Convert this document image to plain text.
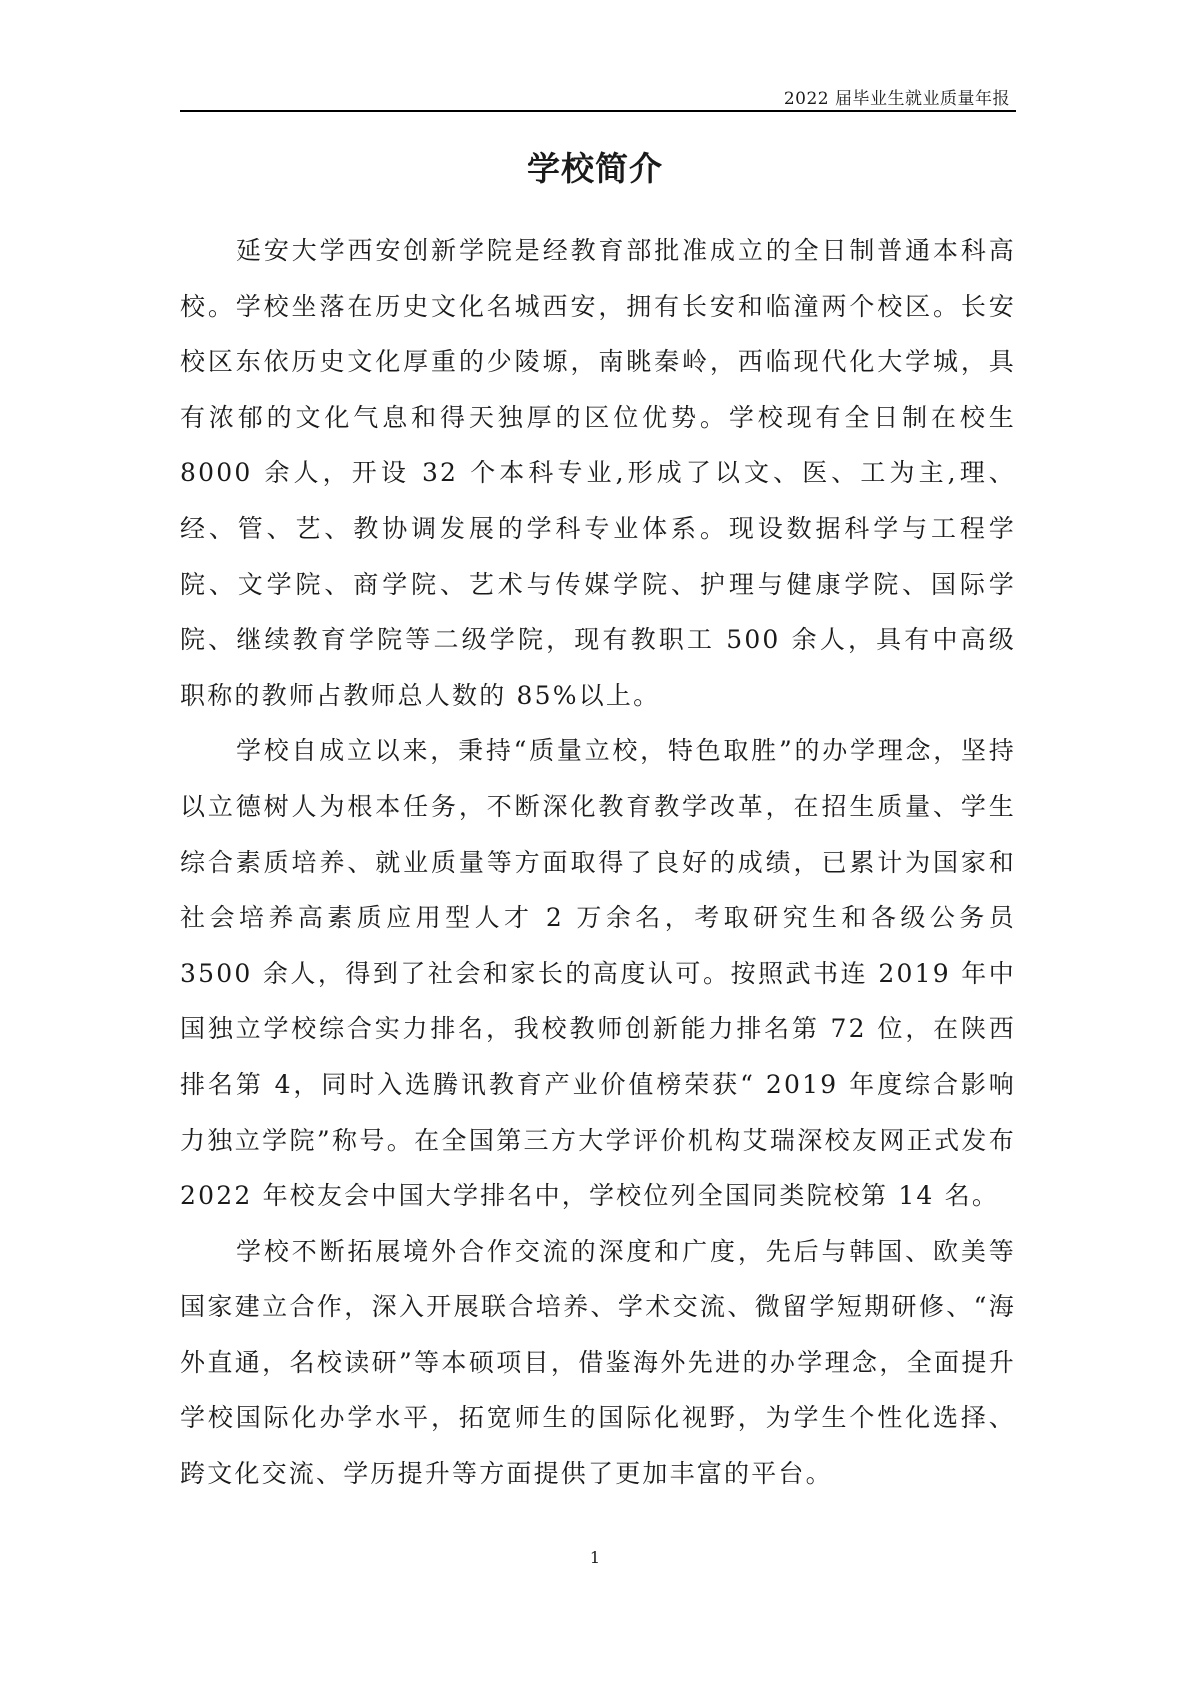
2022 届毕业生就业质量年报
学校简介

延安大学西安创新学院是经教育部批准成立的全日制普通本科高校。学校坐落在历史文化名城西安，拥有长安和临潼两个校区。长安校区东依历史文化厚重的少陵塬，南眺秦岭，西临现代化大学城，具有浓郁的文化气息和得天独厚的区位优势。学校现有全日制在校生 8000 余人，开设 32 个本科专业,形成了以文、医、工为主,理、经、管、艺、教协调发展的学科专业体系。现设数据科学与工程学院、文学院、商学院、艺术与传媒学院、护理与健康学院、国际学院、继续教育学院等二级学院，现有教职工 500 余人，具有中高级职称的教师占教师总人数的 85%以上。

学校自成立以来，秉持“质量立校，特色取胜”的办学理念，坚持以立德树人为根本任务，不断深化教育教学改革，在招生质量、学生综合素质培养、就业质量等方面取得了良好的成绩，已累计为国家和社会培养高素质应用型人才 2 万余名，考取研究生和各级公务员 3500 余人，得到了社会和家长的高度认可。按照武书连 2019 年中国独立学校综合实力排名，我校教师创新能力排名第 72 位，在陕西排名第 4，同时入选腾讯教育产业价值榜荣获“ 2019 年度综合影响力独立学院”称号。在全国第三方大学评价机构艾瑞深校友网正式发布 2022 年校友会中国大学排名中，学校位列全国同类院校第 14 名。

学校不断拓展境外合作交流的深度和广度，先后与韩国、欧美等国家建立合作，深入开展联合培养、学术交流、微留学短期研修、“海外直通，名校读研”等本硕项目，借鉴海外先进的办学理念，全面提升学校国际化办学水平，拓宽师生的国际化视野，为学生个性化选择、跨文化交流、学历提升等方面提供了更加丰富的平台。

1
